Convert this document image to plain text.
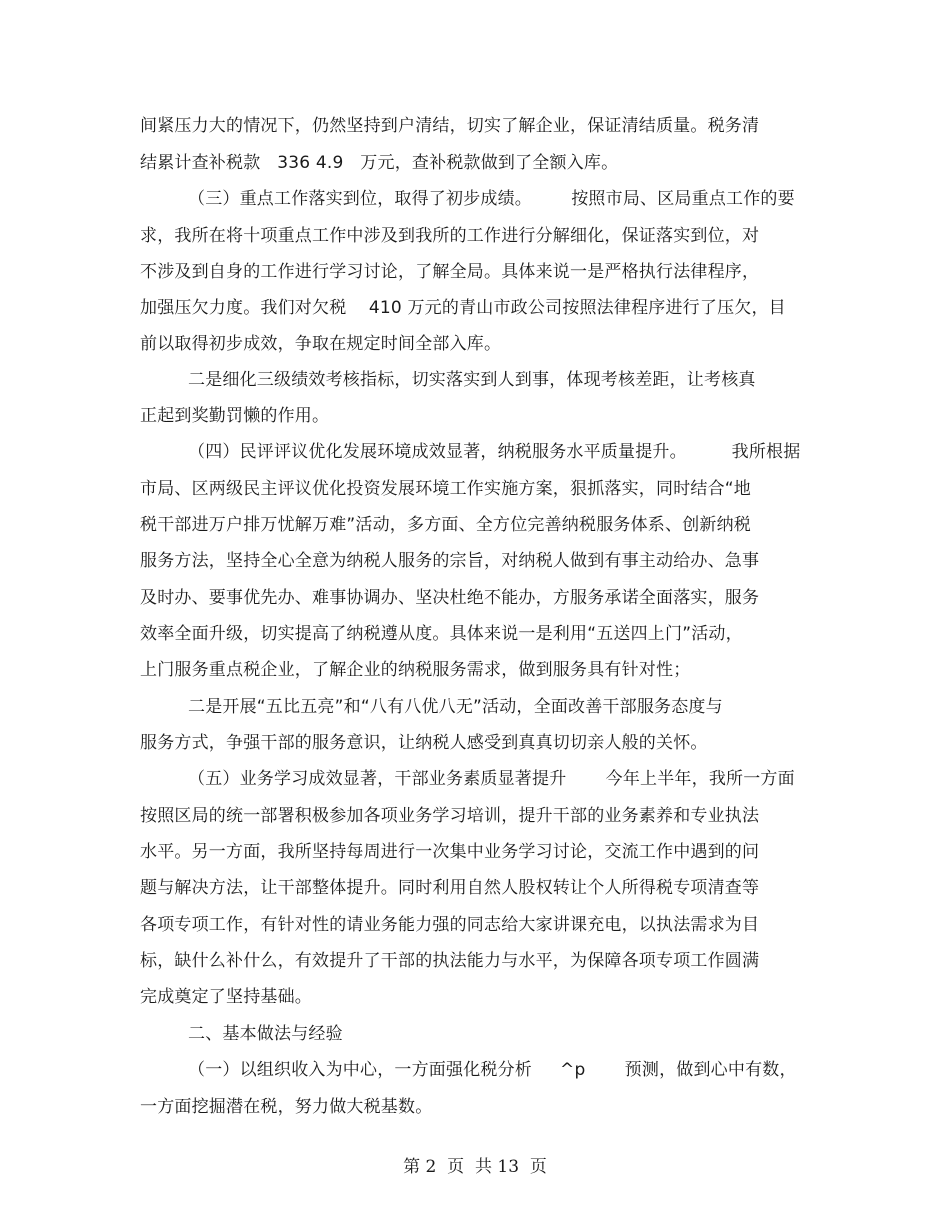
间紧压力大的情况下，仍然坚持到户清结，切实了解企业，保证清结质量。税务清
结累计查补税款   336 4.9   万元，查补税款做到了全额入库。
（三）重点工作落实到位，取得了初步成绩。       按照市局、区局重点工作的要
求，我所在将十项重点工作中涉及到我所的工作进行分解细化，保证落实到位，对
不涉及到自身的工作进行学习讨论，了解全局。具体来说一是严格执行法律程序，
加强压欠力度。我们对欠税    410 万元的青山市政公司按照法律程序进行了压欠，目
前以取得初步成效，争取在规定时间全部入库。
二是细化三级绩效考核指标，切实落实到人到事，体现考核差距，让考核真
正起到奖勤罚懒的作用。
（四）民评评议优化发展环境成效显著，纳税服务水平质量提升。        我所根据
市局、区两级民主评议优化投资发展环境工作实施方案，狠抓落实，同时结合“地
税干部进万户排万忧解万难”活动，多方面、全方位完善纳税服务体系、创新纳税
服务方法，坚持全心全意为纳税人服务的宗旨，对纳税人做到有事主动给办、急事
及时办、要事优先办、难事协调办、坚决杜绝不能办，方服务承诺全面落实，服务
效率全面升级，切实提高了纳税遵从度。具体来说一是利用“五送四上门”活动，
上门服务重点税企业，了解企业的纳税服务需求，做到服务具有针对性；
二是开展“五比五亮”和“八有八优八无”活动，全面改善干部服务态度与
服务方式，争强干部的服务意识，让纳税人感受到真真切切亲人般的关怀。
（五）业务学习成效显著，干部业务素质显著提升       今年上半年，我所一方面
按照区局的统一部署积极参加各项业务学习培训，提升干部的业务素养和专业执法
水平。另一方面，我所坚持每周进行一次集中业务学习讨论，交流工作中遇到的问
题与解决方法，让干部整体提升。同时利用自然人股权转让个人所得税专项清查等
各项专项工作，有针对性的请业务能力强的同志给大家讲课充电，以执法需求为目
标，缺什么补什么，有效提升了干部的执法能力与水平，为保障各项专项工作圆满
完成奠定了坚持基础。
二、基本做法与经验
（一）以组织收入为中心，一方面强化税分析     ^p       预测，做到心中有数，
一方面挖掘潜在税，努力做大税基数。
第 2  页  共 13  页
